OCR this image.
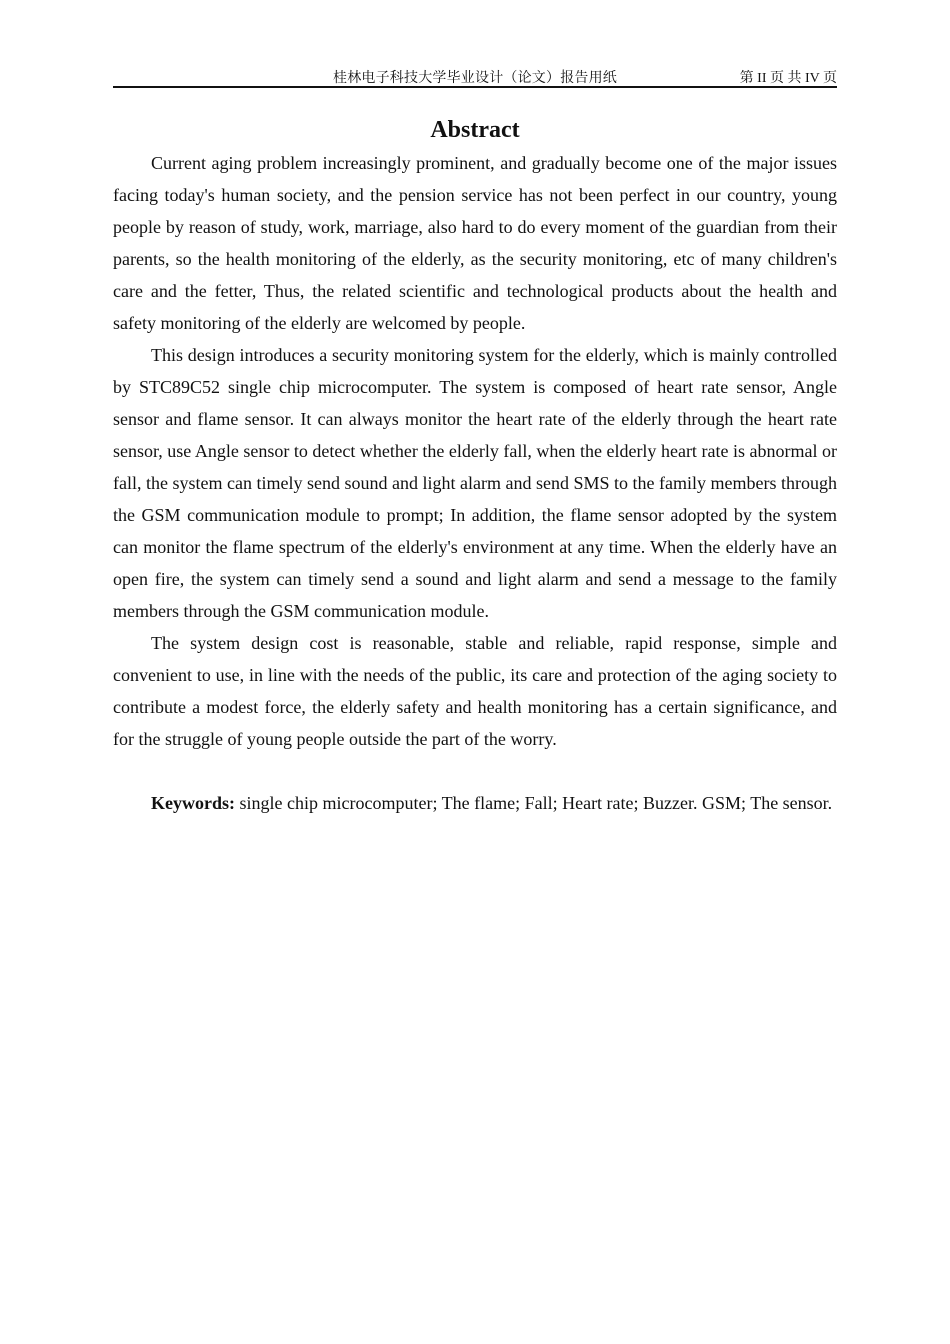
桂林电子科技大学毕业设计（论文）报告用纸	第 II 页 共 IV 页
Abstract

Current aging problem increasingly prominent, and gradually become one of the major issues facing today's human society, and the pension service has not been perfect in our country, young people by reason of study, work, marriage, also hard to do every moment of the guardian from their parents, so the health monitoring of the elderly, as the security monitoring, etc of many children's care and the fetter, Thus, the related scientific and technological products about the health and safety monitoring of the elderly are welcomed by people.

This design introduces a security monitoring system for the elderly, which is mainly controlled by STC89C52 single chip microcomputer. The system is composed of heart rate sensor, Angle sensor and flame sensor. It can always monitor the heart rate of the elderly through the heart rate sensor, use Angle sensor to detect whether the elderly fall, when the elderly heart rate is abnormal or fall, the system can timely send sound and light alarm and send SMS to the family members through the GSM communication module to prompt; In addition, the flame sensor adopted by the system can monitor the flame spectrum of the elderly's environment at any time. When the elderly have an open fire, the system can timely send a sound and light alarm and send a message to the family members through the GSM communication module.

The system design cost is reasonable, stable and reliable, rapid response, simple and convenient to use, in line with the needs of the public, its care and protection of the aging society to contribute a modest force, the elderly safety and health monitoring has a certain significance, and for the struggle of young people outside the part of the worry.

Keywords: single chip microcomputer; The flame; Fall; Heart rate; Buzzer. GSM; The sensor.
